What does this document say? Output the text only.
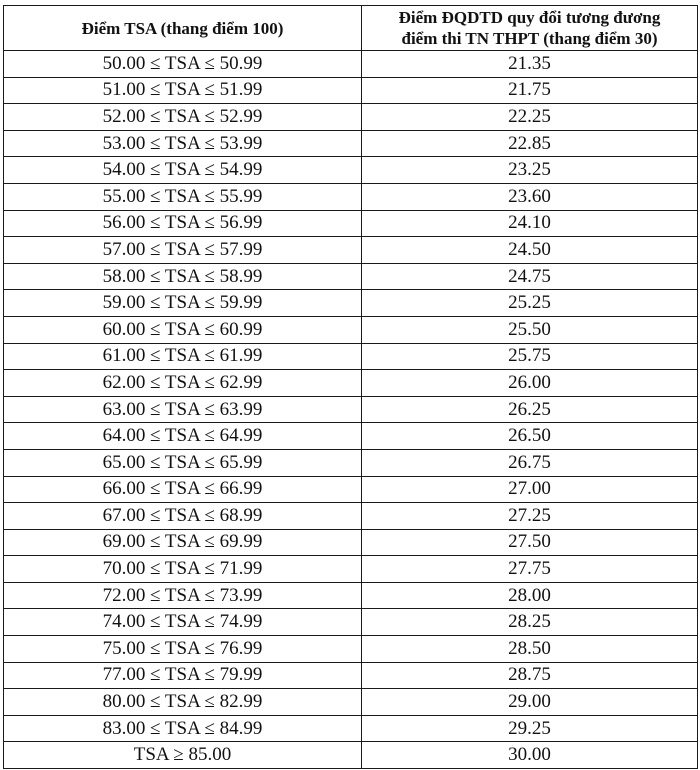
Điểm TSA (thang điểm 100)	Điểm ĐQDTD quy đổi tương đương
điểm thi TN THPT (thang điểm 30)
50.00 ≤ TSA ≤ 50.99	21.35
51.00 ≤ TSA ≤ 51.99	21.75
52.00 ≤ TSA ≤ 52.99	22.25
53.00 ≤ TSA ≤ 53.99	22.85
54.00 ≤ TSA ≤ 54.99	23.25
55.00 ≤ TSA ≤ 55.99	23.60
56.00 ≤ TSA ≤ 56.99	24.10
57.00 ≤ TSA ≤ 57.99	24.50
58.00 ≤ TSA ≤ 58.99	24.75
59.00 ≤ TSA ≤ 59.99	25.25
60.00 ≤ TSA ≤ 60.99	25.50
61.00 ≤ TSA ≤ 61.99	25.75
62.00 ≤ TSA ≤ 62.99	26.00
63.00 ≤ TSA ≤ 63.99	26.25
64.00 ≤ TSA ≤ 64.99	26.50
65.00 ≤ TSA ≤ 65.99	26.75
66.00 ≤ TSA ≤ 66.99	27.00
67.00 ≤ TSA ≤ 68.99	27.25
69.00 ≤ TSA ≤ 69.99	27.50
70.00 ≤ TSA ≤ 71.99	27.75
72.00 ≤ TSA ≤ 73.99	28.00
74.00 ≤ TSA ≤ 74.99	28.25
75.00 ≤ TSA ≤ 76.99	28.50
77.00 ≤ TSA ≤ 79.99	28.75
80.00 ≤ TSA ≤ 82.99	29.00
83.00 ≤ TSA ≤ 84.99	29.25
TSA ≥ 85.00	30.00
